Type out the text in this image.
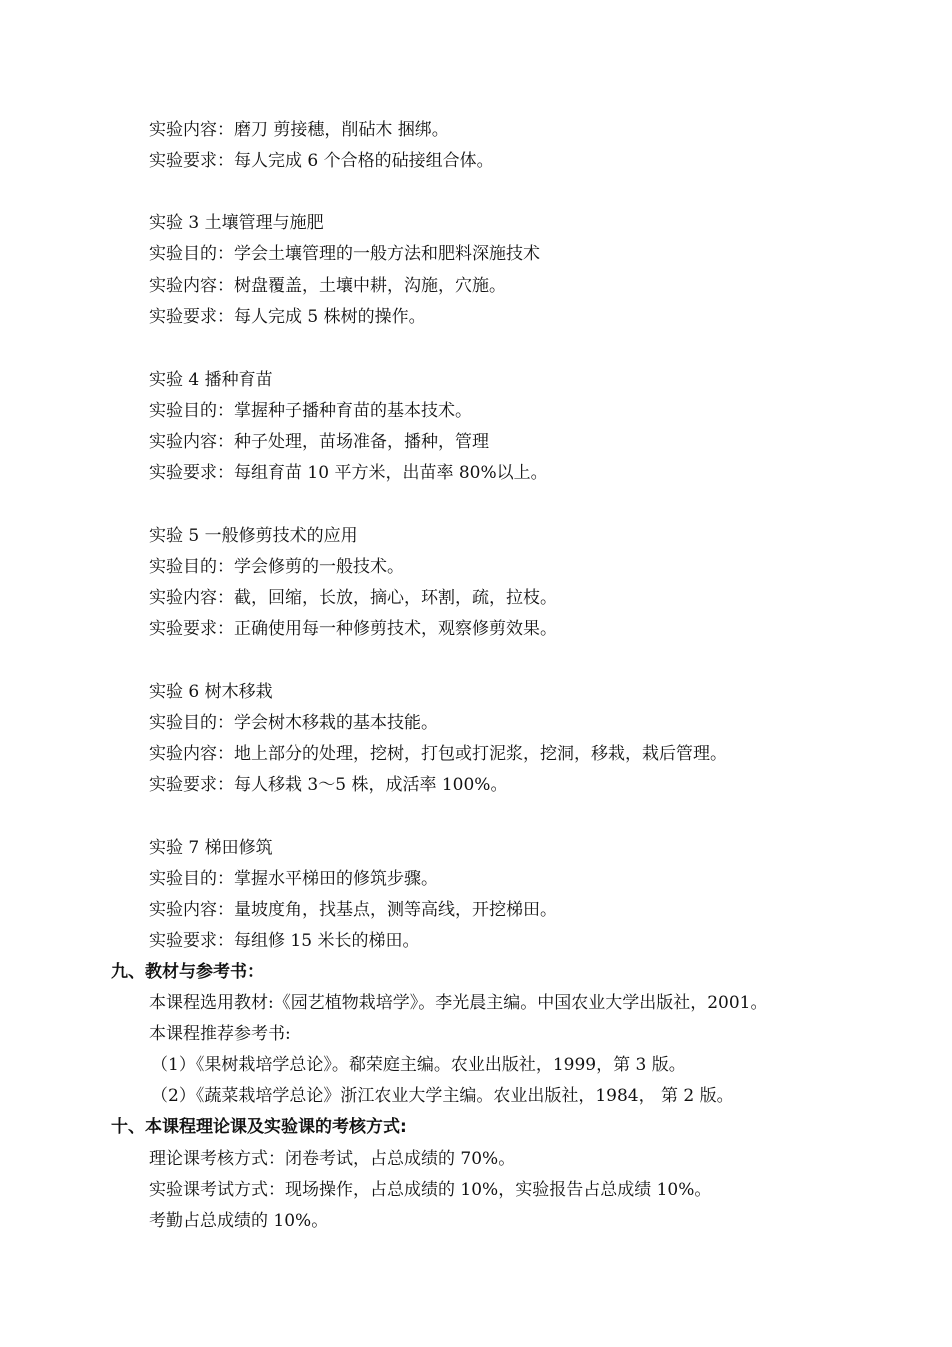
实验内容：磨刀 剪接穗，削砧木 捆绑。
实验要求：每人完成 6 个合格的砧接组合体。
实验 3 土壤管理与施肥
实验目的：学会土壤管理的一般方法和肥料深施技术
实验内容：树盘覆盖，土壤中耕，沟施，穴施。
实验要求：每人完成 5 株树的操作。
实验 4 播种育苗
实验目的：掌握种子播种育苗的基本技术。
实验内容：种子处理，苗场准备，播种，管理
实验要求：每组育苗 10 平方米，出苗率 80%以上。
实验 5 一般修剪技术的应用
实验目的：学会修剪的一般技术。
实验内容：截，回缩，长放，摘心，环割，疏，拉枝。
实验要求：正确使用每一种修剪技术，观察修剪效果。
实验 6 树木移栽
实验目的：学会树木移栽的基本技能。
实验内容：地上部分的处理，挖树，打包或打泥浆，挖洞，移栽，栽后管理。
实验要求：每人移栽 3～5 株，成活率 100%。
实验 7 梯田修筑
实验目的：掌握水平梯田的修筑步骤。
实验内容：量坡度角，找基点，测等高线，开挖梯田。
实验要求：每组修 15 米长的梯田。
九、教材与参考书：
本课程选用教材:《园艺植物栽培学》。李光晨主编。中国农业大学出版社，2001。
本课程推荐参考书:
（1）《果树栽培学总论》。郗荣庭主编。农业出版社，1999，第 3 版。
（2）《蔬菜栽培学总论》浙江农业大学主编。农业出版社，1984， 第 2 版。
十、本课程理论课及实验课的考核方式:
理论课考核方式：闭卷考试，占总成绩的 70%。
实验课考试方式：现场操作，占总成绩的 10%，实验报告占总成绩 10%。
考勤占总成绩的 10%。
